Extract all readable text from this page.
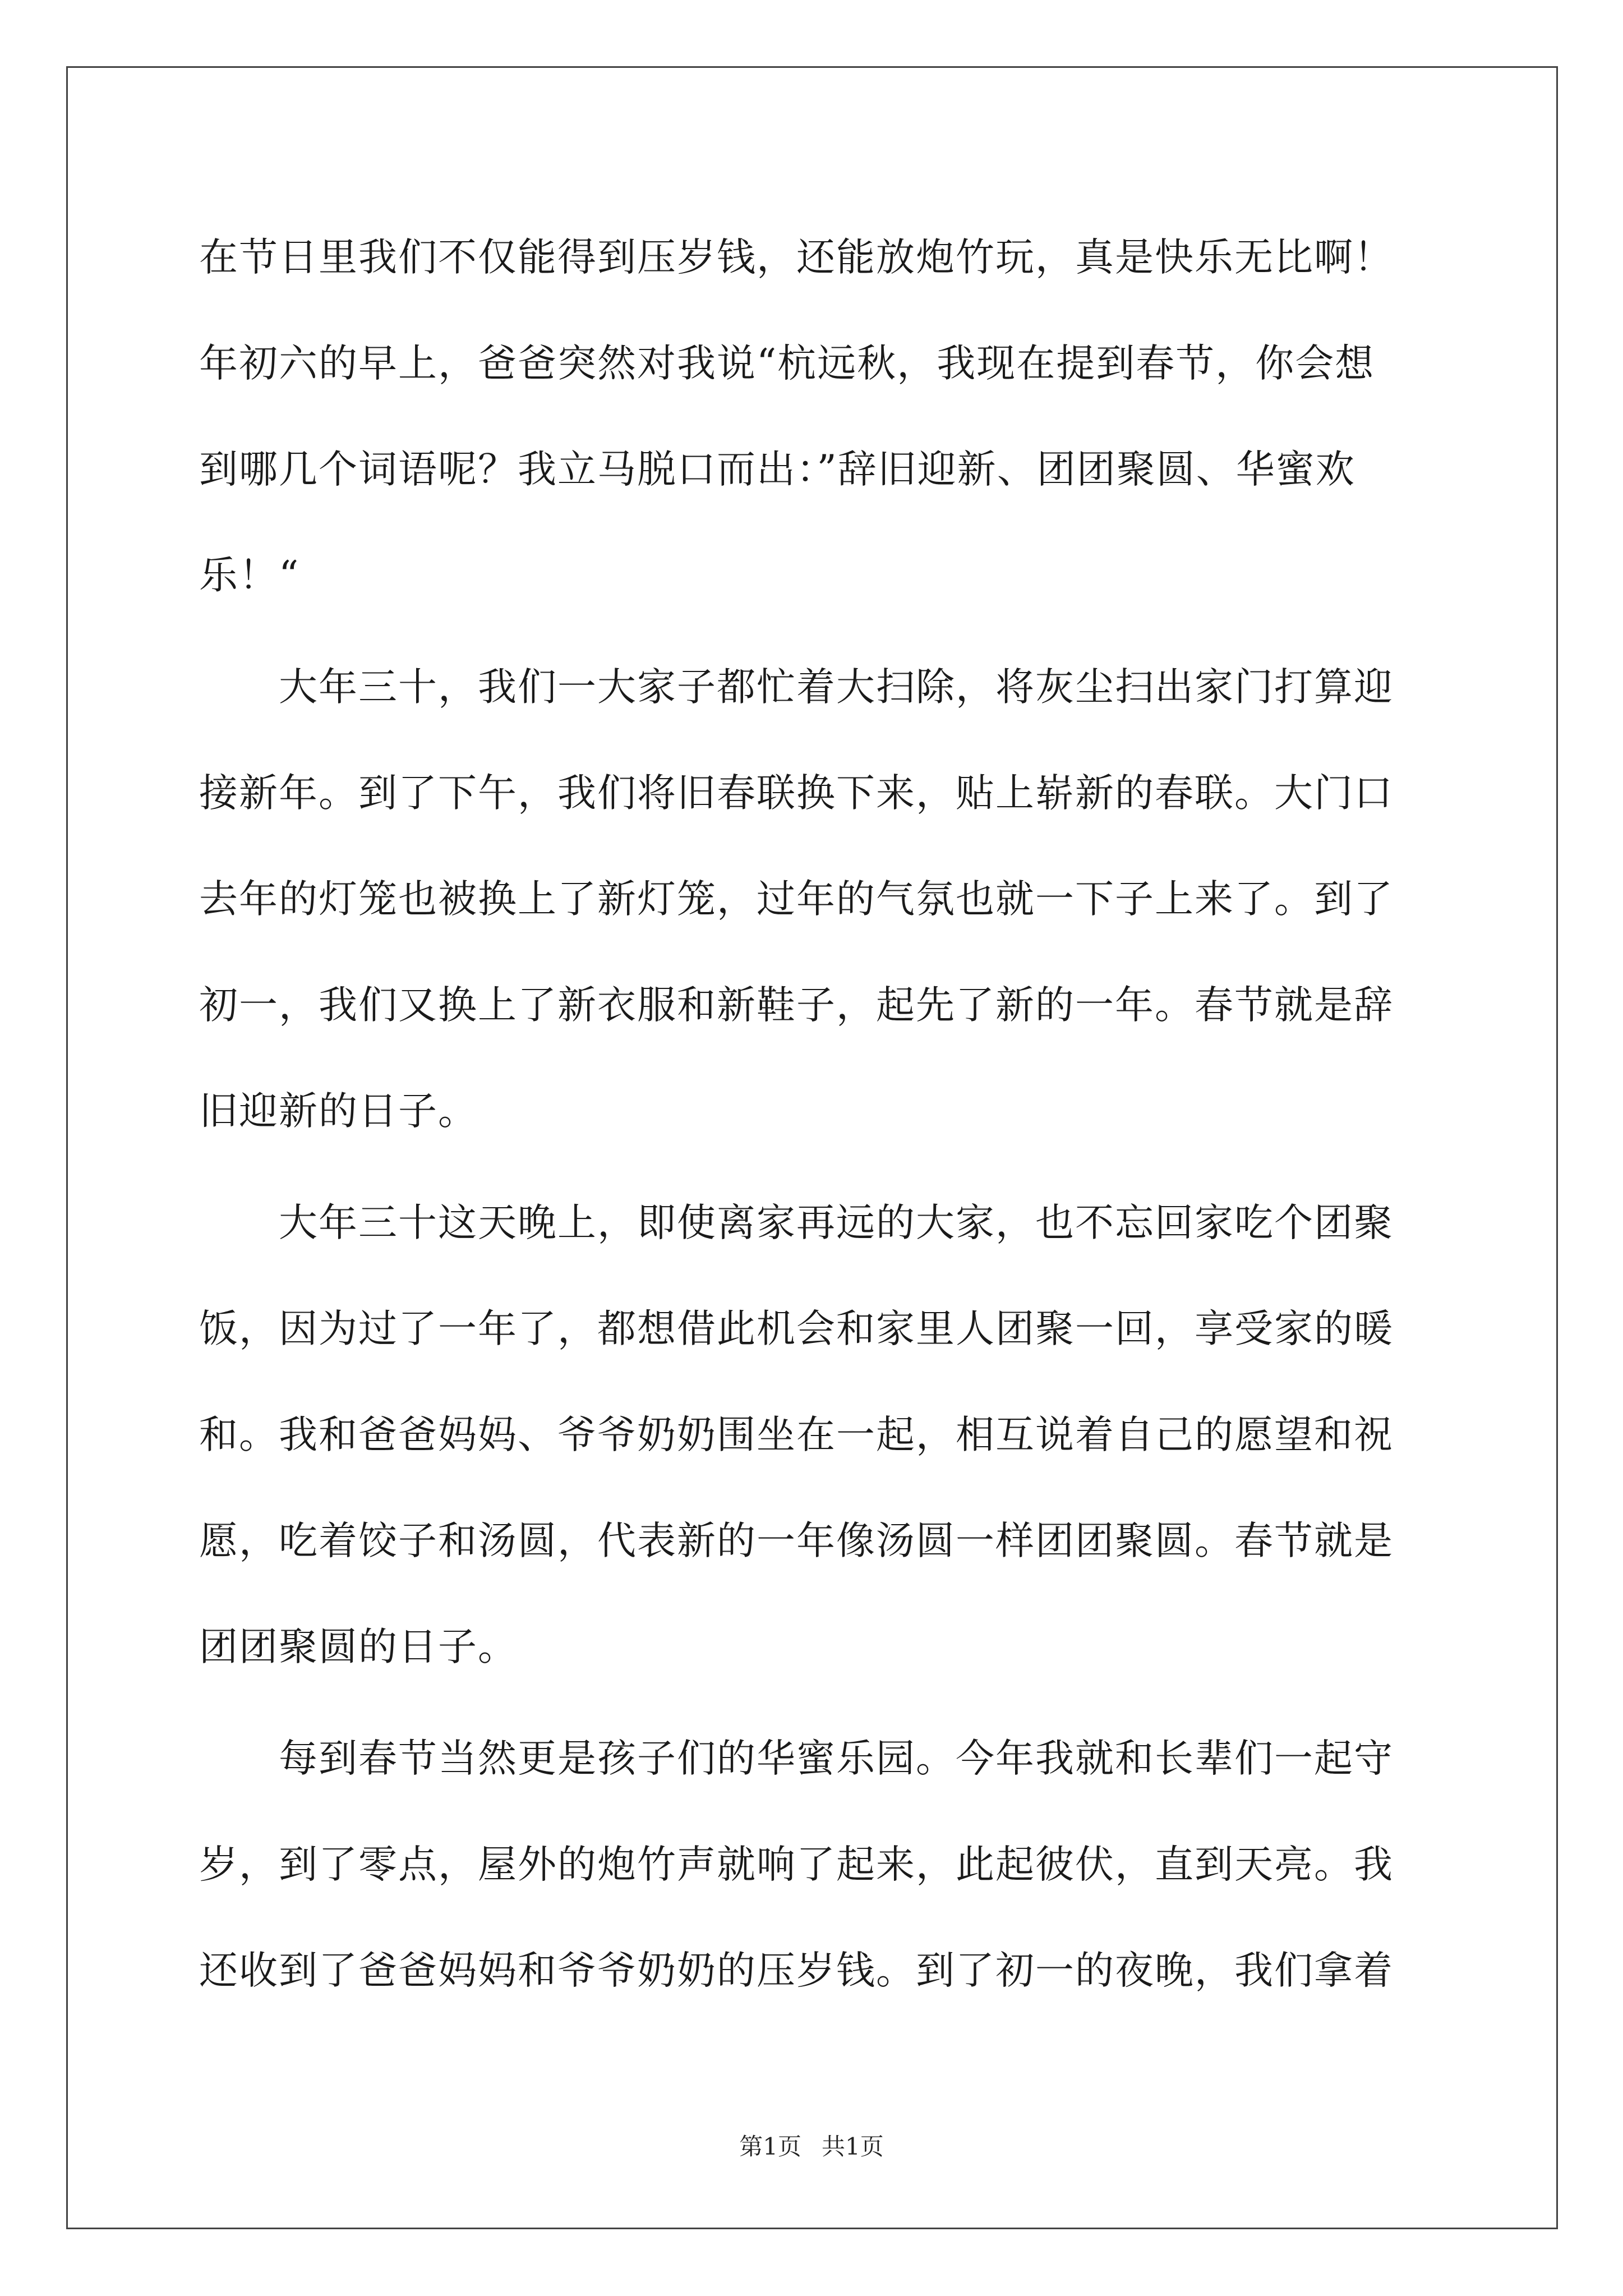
在节日里我们不仅能得到压岁钱，还能放炮竹玩，真是快乐无比啊！
年初六的早上，爸爸突然对我说“杭远秋，我现在提到春节，你会想
到哪几个词语呢？我立马脱口而出：”辞旧迎新、团团聚圆、华蜜欢
乐！“
　　大年三十，我们一大家子都忙着大扫除，将灰尘扫出家门打算迎
接新年。到了下午，我们将旧春联换下来，贴上崭新的春联。大门口
去年的灯笼也被换上了新灯笼，过年的气氛也就一下子上来了。到了
初一，我们又换上了新衣服和新鞋子，起先了新的一年。春节就是辞
旧迎新的日子。
　　大年三十这天晚上，即使离家再远的大家，也不忘回家吃个团聚
饭，因为过了一年了，都想借此机会和家里人团聚一回，享受家的暖
和。我和爸爸妈妈、爷爷奶奶围坐在一起，相互说着自己的愿望和祝
愿，吃着饺子和汤圆，代表新的一年像汤圆一样团团聚圆。春节就是
团团聚圆的日子。
　　每到春节当然更是孩子们的华蜜乐园。今年我就和长辈们一起守
岁，到了零点，屋外的炮竹声就响了起来，此起彼伏，直到天亮。我
还收到了爸爸妈妈和爷爷奶奶的压岁钱。到了初一的夜晚，我们拿着
第1页 共1页
